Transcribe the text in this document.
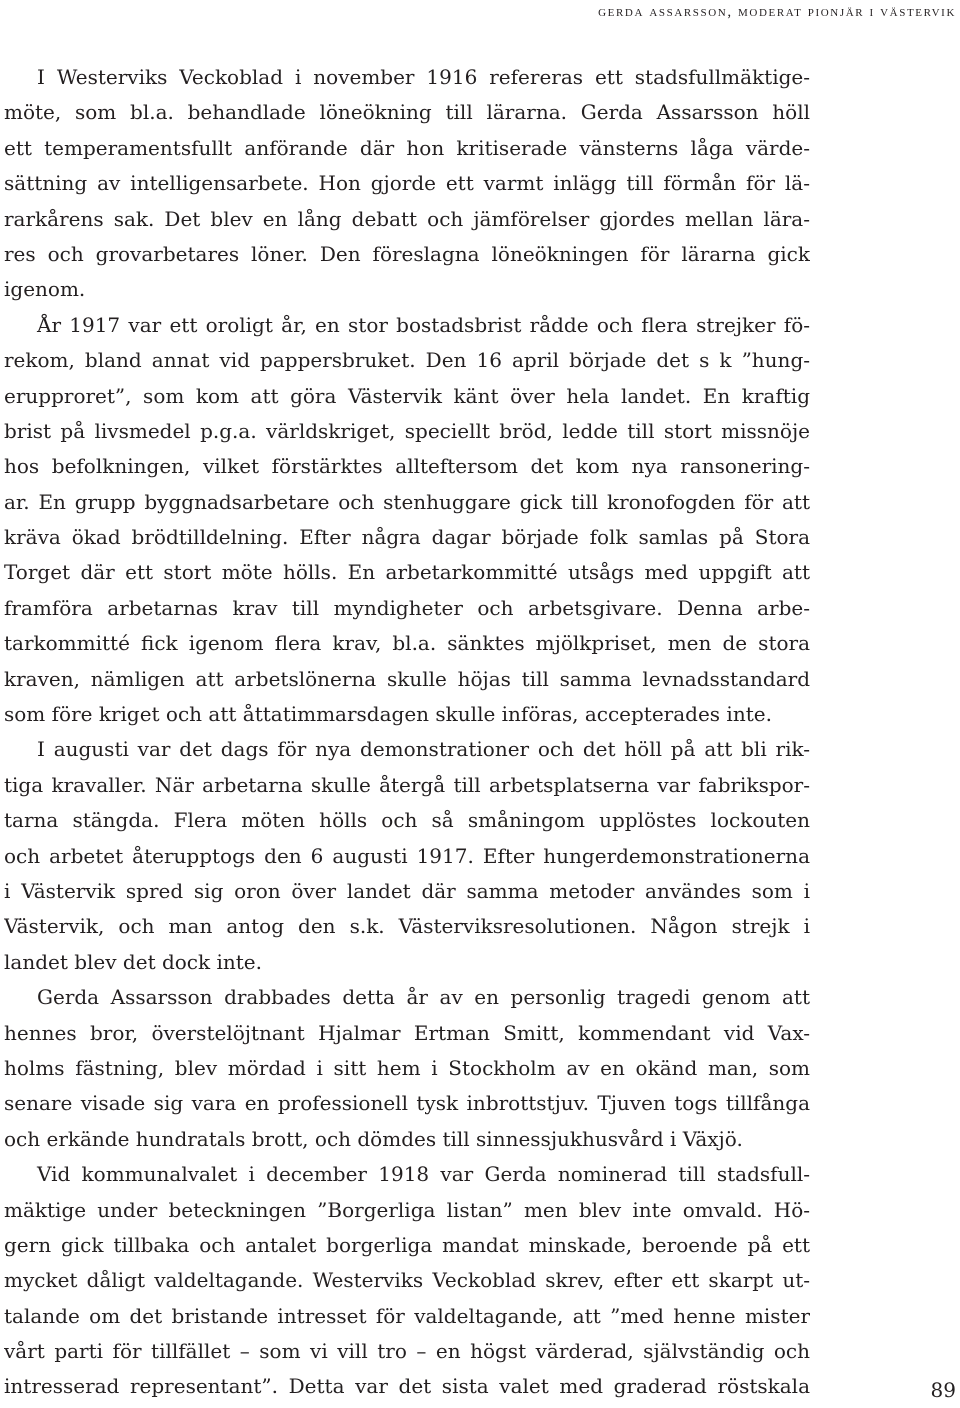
gerda assarsson, moderat pionjär i västervik
I Westerviks Veckoblad i november 1916 refereras ett stadsfullmäktige-
möte, som bl.a. behandlade löneökning till lärarna. Gerda Assarsson höll
ett temperamentsfullt anförande där hon kritiserade vänsterns låga värde-
sättning av intelligensarbete. Hon gjorde ett varmt inlägg till förmån för lä-
rarkårens sak. Det blev en lång debatt och jämförelser gjordes mellan lära-
res och grovarbetares löner. Den föreslagna löneökningen för lärarna gick
igenom.
År 1917 var ett oroligt år, en stor bostadsbrist rådde och flera strejker fö-
rekom, bland annat vid pappersbruket. Den 16 april började det s k ”hung-
erupproret”, som kom att göra Västervik känt över hela landet. En kraftig
brist på livsmedel p.g.a. världskriget, speciellt bröd, ledde till stort missnöje
hos befolkningen, vilket förstärktes allteftersom det kom nya ransonering-
ar. En grupp byggnadsarbetare och stenhuggare gick till kronofogden för att
kräva ökad brödtilldelning. Efter några dagar började folk samlas på Stora
Torget där ett stort möte hölls. En arbetarkommitté utsågs med uppgift att
framföra arbetarnas krav till myndigheter och arbetsgivare. Denna arbe-
tarkommitté fick igenom flera krav, bl.a. sänktes mjölkpriset, men de stora
kraven, nämligen att arbetslönerna skulle höjas till samma levnadsstandard
som före kriget och att åttatimmarsdagen skulle införas, accepterades inte.
I augusti var det dags för nya demonstrationer och det höll på att bli rik-
tiga kravaller. När arbetarna skulle återgå till arbetsplatserna var fabrikspor-
tarna stängda. Flera möten hölls och så småningom upplöstes lockouten
och arbetet återupptogs den 6 augusti 1917. Efter hungerdemonstrationerna
i Västervik spred sig oron över landet där samma metoder användes som i
Västervik, och man antog den s.k. Västerviksresolutionen. Någon strejk i
landet blev det dock inte.
Gerda Assarsson drabbades detta år av en personlig tragedi genom att
hennes bror, överstelöjtnant Hjalmar Ertman Smitt, kommendant vid Vax-
holms fästning, blev mördad i sitt hem i Stockholm av en okänd man, som
senare visade sig vara en professionell tysk inbrottstjuv. Tjuven togs tillfånga
och erkände hundratals brott, och dömdes till sinnessjukhusvård i Växjö.
Vid kommunalvalet i december 1918 var Gerda nominerad till stadsfull-
mäktige under beteckningen ”Borgerliga listan” men blev inte omvald. Hö-
gern gick tillbaka och antalet borgerliga mandat minskade, beroende på ett
mycket dåligt valdeltagande. Westerviks Veckoblad skrev, efter ett skarpt ut-
talande om det bristande intresset för valdeltagande, att ”med henne mister
vårt parti för tillfället – som vi vill tro – en högst värderad, självständig och
intresserad representant”. Detta var det sista valet med graderad röstskala	89
